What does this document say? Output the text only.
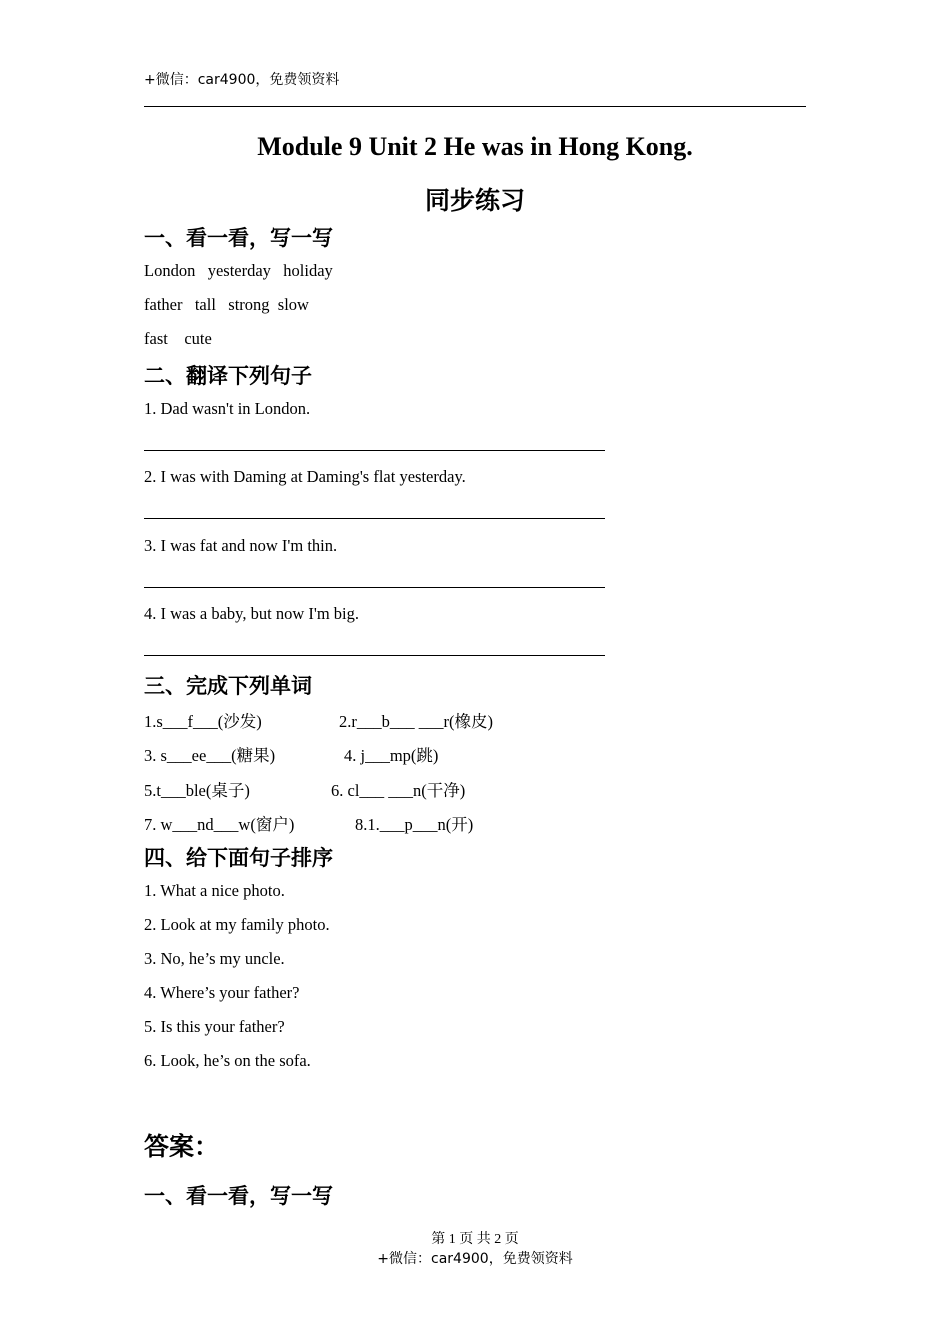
+微信：car4900，免费领资料
Module 9 Unit 2 He was in Hong Kong.
同步练习
一、看一看，写一写
London   yesterday   holiday
father   tall   strong  slow
fast    cute
二、翻译下列句子
1. Dad wasn't in London.
2. I was with Daming at Daming's flat yesterday.
3. I was fat and now I'm thin.
4. I was a baby, but now I'm big.
三、完成下列单词
1.s___f___(沙发)	2.r___b___ ___r(橡皮)
3. s___ee___(糖果)	4. j___mp(跳)
5.t___ble(桌子)	6. cl___ ___n(干净)
7. w___nd___w(窗户)	8.1.___p___n(开)
四、给下面句子排序
1. What a nice photo.
2. Look at my family photo.
3. No, he’s my uncle.
4. Where’s your father?
5. Is this your father?
6. Look, he’s on the sofa.
答案：
一、看一看，写一写
第 1 页 共 2 页
+微信：car4900，免费领资料
